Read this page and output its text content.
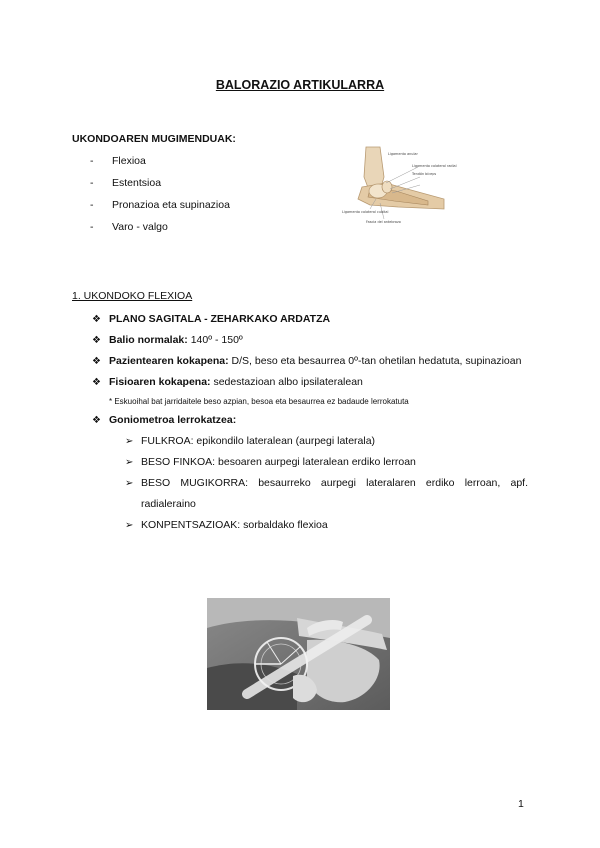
BALORAZIO ARTIKULARRA
UKONDOAREN MUGIMENDUAK:
-	Flexioa
-	Estentsioa
-	Pronazioa eta supinazioa
-	Varo - valgo
Ligamento anular
Ligamento colateral radial
Tendón bíceps
Ligamento colateral cubital
Fascia del antebrazo
1. UKONDOKO FLEXIOA
❖ PLANO SAGITALA - ZEHARKAKO ARDATZA
❖ Balio normalak: 140º - 150º
❖ Pazientearen kokapena: D/S, beso eta besaurrea 0º-tan ohetilan hedatuta, supinazioan
❖ Fisioaren kokapena: sedestazioan albo ipsilateralean
* Eskuoihal bat jarridaitele beso azpian, besoa eta besaurrea ez badaude lerrokatuta
❖ Goniometroa lerrokatzea:
➢ FULKROA: epikondilo lateralean (aurpegi laterala)
➢ BESO FINKOA: besoaren aurpegi lateralean erdiko lerroan
➢ BESO MUGIKORRA: besaurreko aurpegi lateralaren erdiko lerroan, apf. radialeraino
➢ KONPENTSAZIOAK: sorbaldako flexioa
1
